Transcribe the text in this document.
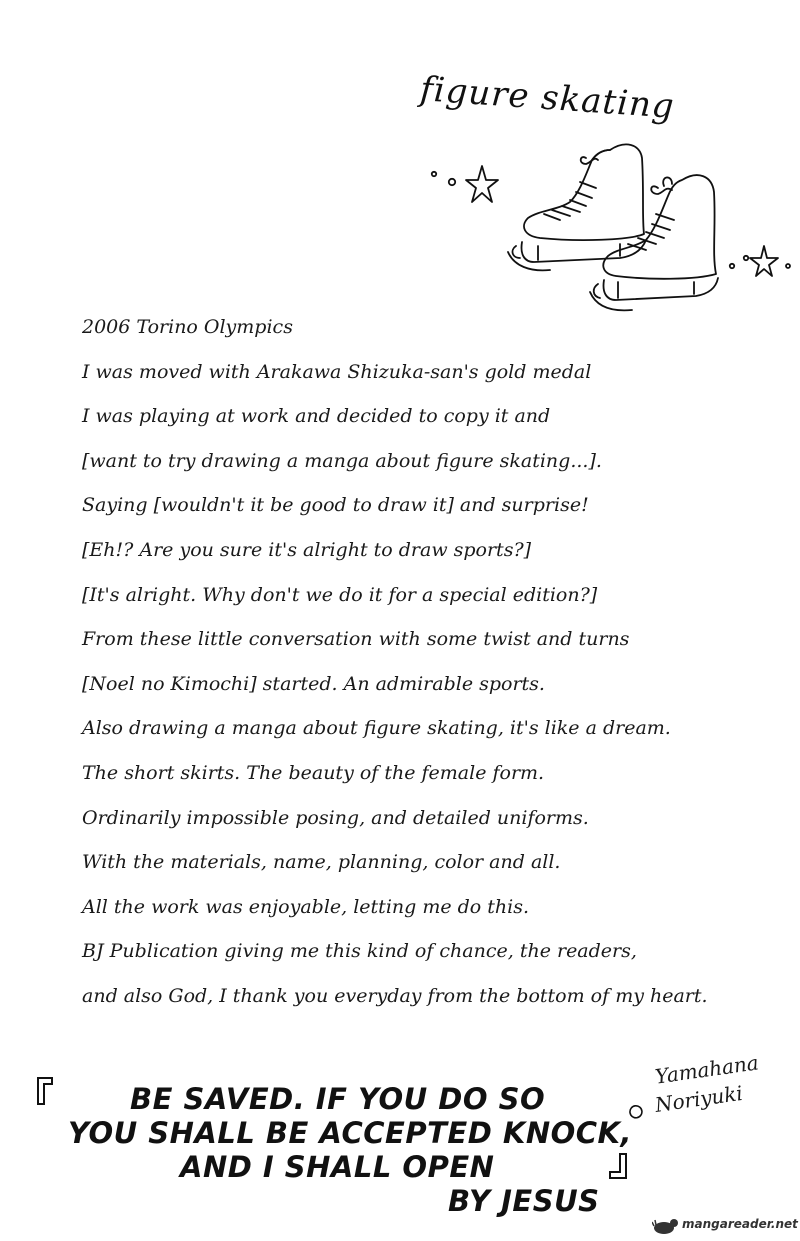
figure skating
2006 Torino Olympics
I was moved with Arakawa Shizuka-san's gold medal
I was playing at work and decided to copy it and
[want to try drawing a manga about figure skating...].
Saying [wouldn't it be good to draw it] and surprise!
[Eh!? Are you sure it's alright to draw sports?]
[It's alright. Why don't we do it for a special edition?]
From these little conversation with some twist and turns
[Noel no Kimochi] started. An admirable sports.
Also drawing a manga about figure skating, it's like a dream.
The short skirts. The beauty of the female form.
Ordinarily impossible posing, and detailed uniforms.
With the materials, name, planning, color and all.
All the work was enjoyable, letting me do this.
BJ Publication giving me this kind of chance, the readers,
and also God, I thank you everyday from the bottom of my heart.
BE SAVED. IF YOU DO SO
YOU SHALL BE ACCEPTED KNOCK,
AND I SHALL OPEN
BY JESUS
Yamahana
Noriyuki
mangareader.net
